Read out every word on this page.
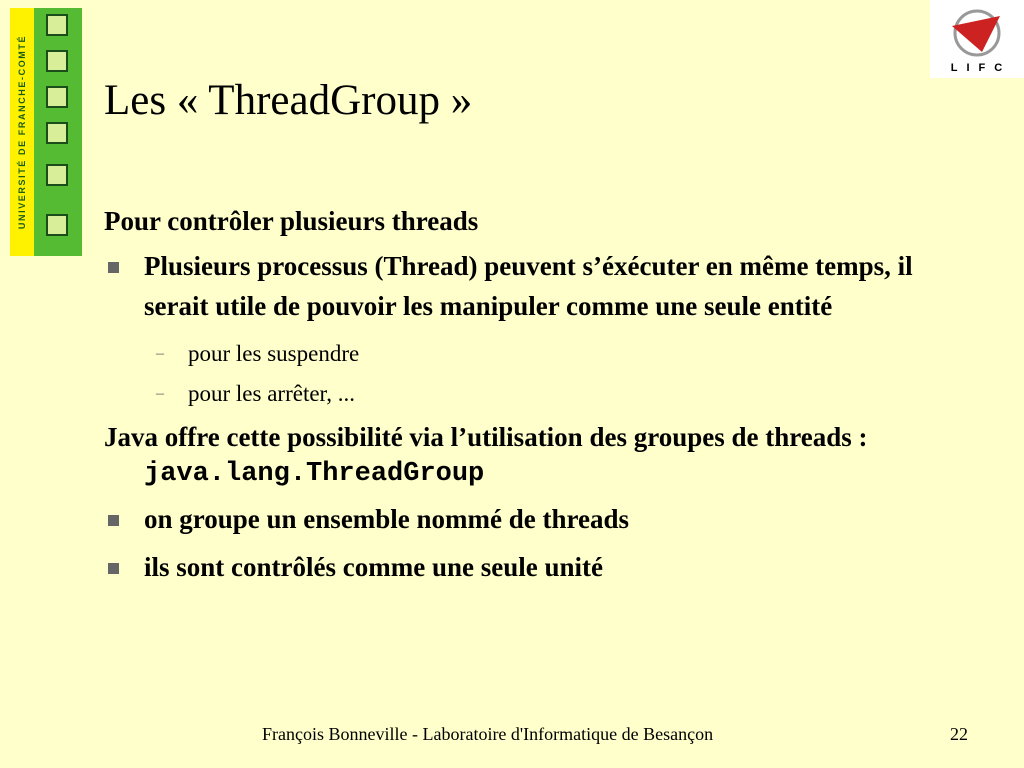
UNIVERSITÉ DE FRANCHE-COMTÉ	LIFC
Les « ThreadGroup »

Pour contrôler plusieurs threads

Plusieurs processus (Thread) peuvent s’éxécuter en même temps, il serait utile de pouvoir les manipuler comme une seule entité
– pour les suspendre
– pour les arrêter, ...

Java offre cette possibilité via l’utilisation des groupes de threads : java.lang.ThreadGroup

on groupe un ensemble nommé de threads
ils sont contrôlés comme une seule unité
François Bonneville - Laboratoire d'Informatique de Besançon	22
